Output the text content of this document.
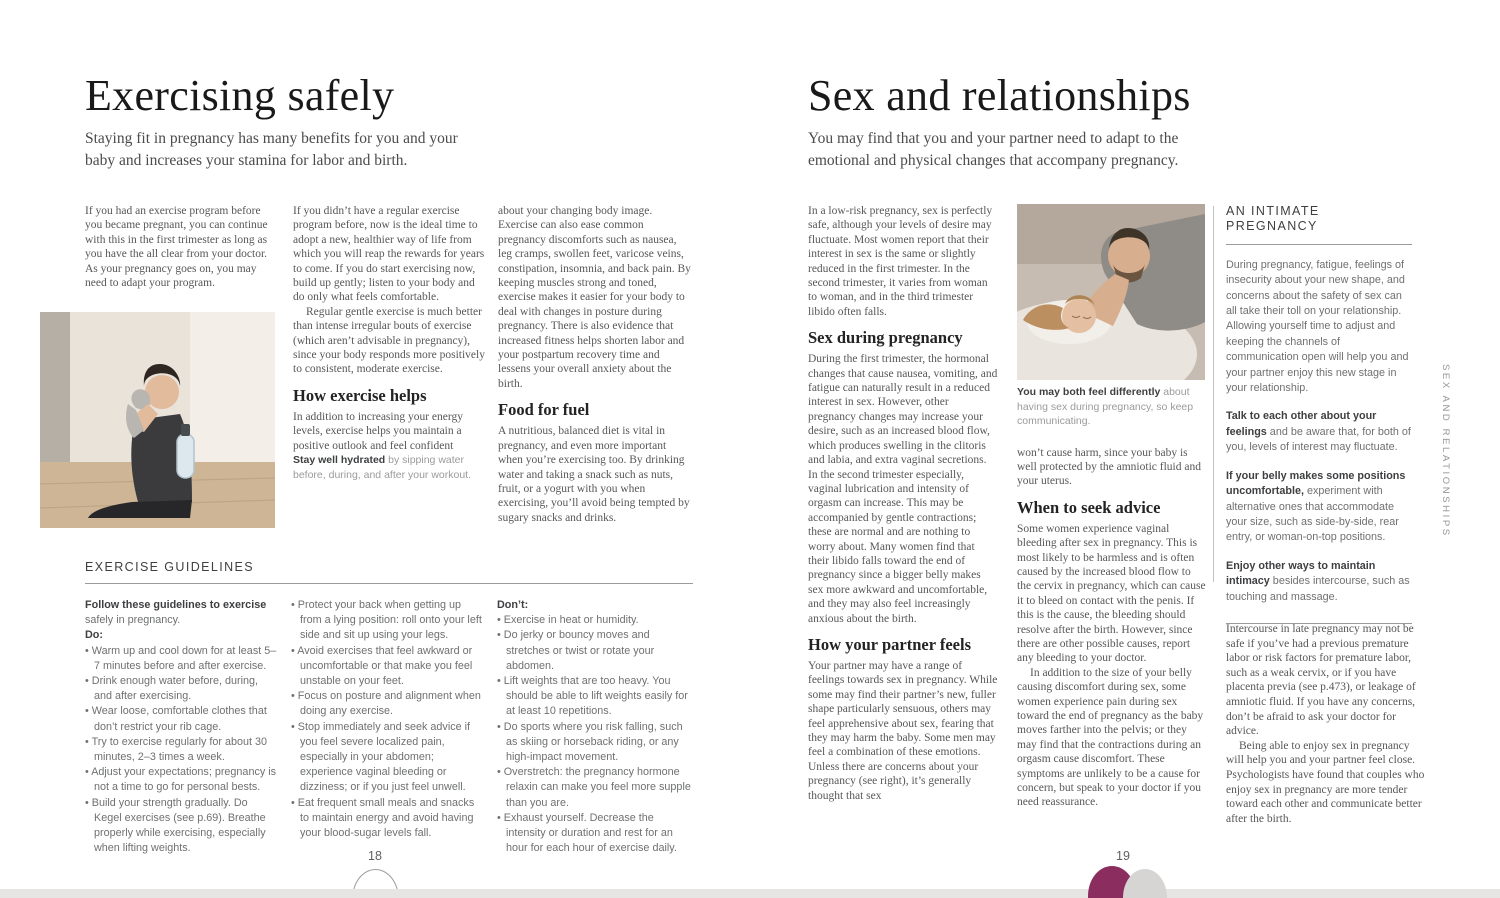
Exercising safely
Staying fit in pregnancy has many benefits for you and your baby and increases your stamina for labor and birth.

If you had an exercise program before you became pregnant, you can continue with this in the first trimester as long as you have the all clear from your doctor. As your pregnancy goes on, you may need to adapt your program.

If you didn’t have a regular exercise program before, now is the ideal time to adopt a new, healthier way of life from which you will reap the rewards for years to come. If you do start exercising now, build up gently; listen to your body and do only what feels comfortable.

Regular gentle exercise is much better than intense irregular bouts of exercise (which aren’t advisable in pregnancy), since your body responds more positively to consistent, moderate exercise.

How exercise helps

In addition to increasing your energy levels, exercise helps you maintain a positive outlook and feel confident

Stay well hydrated by sipping water before, during, and after your workout.

about your changing body image. Exercise can also ease common pregnancy discomforts such as nausea, leg cramps, swollen feet, varicose veins, constipation, insomnia, and back pain. By keeping muscles strong and toned, exercise makes it easier for your body to deal with changes in posture during pregnancy. There is also evidence that increased fitness helps shorten labor and your postpartum recovery time and lessens your overall anxiety about the birth.

Food for fuel

A nutritious, balanced diet is vital in pregnancy, and even more important when you’re exercising too. By drinking water and taking a snack such as nuts, fruit, or a yogurt with you when exercising, you’ll avoid being tempted by sugary snacks and drinks.

EXERCISE GUIDELINES

Follow these guidelines to exercise safely in pregnancy.

Do:

• Warm up and cool down for at least 5–7 minutes before and after exercise.
• Drink enough water before, during, and after exercising.
• Wear loose, comfortable clothes that don’t restrict your rib cage.
• Try to exercise regularly for about 30 minutes, 2–3 times a week.
• Adjust your expectations; pregnancy is not a time to go for personal bests.
• Build your strength gradually. Do Kegel exercises (see p.69). Breathe properly while exercising, especially when lifting weights.
• Protect your back when getting up from a lying position: roll onto your left side and sit up using your legs.
• Avoid exercises that feel awkward or uncomfortable or that make you feel unstable on your feet.
• Focus on posture and alignment when doing any exercise.
• Stop immediately and seek advice if you feel severe localized pain, especially in your abdomen; experience vaginal bleeding or dizziness; or if you just feel unwell.
• Eat frequent small meals and snacks to maintain energy and avoid having your blood-sugar levels fall.

Don’t:

• Exercise in heat or humidity.
• Do jerky or bouncy moves and stretches or twist or rotate your abdomen.
• Lift weights that are too heavy. You should be able to lift weights easily for at least 10 repetitions.
• Do sports where you risk falling, such as skiing or horseback riding, or any high-impact movement.
• Overstretch: the pregnancy hormone relaxin can make you feel more supple than you are.
• Exhaust yourself. Decrease the intensity or duration and rest for an hour for each hour of exercise daily.
18
Sex and relationships
You may find that you and your partner need to adapt to the emotional and physical changes that accompany pregnancy.

In a low-risk pregnancy, sex is perfectly safe, although your levels of desire may fluctuate. Most women report that their interest in sex is the same or slightly reduced in the first trimester. In the second trimester, it varies from woman to woman, and in the third trimester libido often falls.

Sex during pregnancy

During the first trimester, the hormonal changes that cause nausea, vomiting, and fatigue can naturally result in a reduced interest in sex. However, other pregnancy changes may increase your desire, such as an increased blood flow, which produces swelling in the clitoris and labia, and extra vaginal secretions. In the second trimester especially, vaginal lubrication and intensity of orgasm can increase. This may be accompanied by gentle contractions; these are normal and are nothing to worry about. Many women find that their libido falls toward the end of pregnancy since a bigger belly makes sex more awkward and uncomfortable, and they may also feel increasingly anxious about the birth.

How your partner feels

Your partner may have a range of feelings towards sex in pregnancy. While some may find their partner’s new, fuller shape particularly sensuous, others may feel apprehensive about sex, fearing that they may harm the baby. Some men may feel a combination of these emotions. Unless there are concerns about your pregnancy (see right), it’s generally thought that sex

You may both feel differently about having sex during pregnancy, so keep communicating.

won’t cause harm, since your baby is well protected by the amniotic fluid and your uterus.

When to seek advice

Some women experience vaginal bleeding after sex in pregnancy. This is most likely to be harmless and is often caused by the increased blood flow to the cervix in pregnancy, which can cause it to bleed on contact with the penis. If this is the cause, the bleeding should resolve after the birth. However, since there are other possible causes, report any bleeding to your doctor.

In addition to the size of your belly causing discomfort during sex, some women experience pain during sex toward the end of pregnancy as the baby moves farther into the pelvis; or they may find that the contractions during an orgasm cause discomfort. These symptoms are unlikely to be a cause for concern, but speak to your doctor if you need reassurance.

AN INTIMATE PREGNANCY

During pregnancy, fatigue, feelings of insecurity about your new shape, and concerns about the safety of sex can all take their toll on your relationship. Allowing yourself time to adjust and keeping the channels of communication open will help you and your partner enjoy this new stage in your relationship.

Talk to each other about your feelings and be aware that, for both of you, levels of interest may fluctuate.

If your belly makes some positions uncomfortable, experiment with alternative ones that accommodate your size, such as side-by-side, rear entry, or woman-on-top positions.

Enjoy other ways to maintain intimacy besides intercourse, such as touching and massage.

Intercourse in late pregnancy may not be safe if you’ve had a previous premature labor or risk factors for premature labor, such as a weak cervix, or if you have placenta previa (see p.473), or leakage of amniotic fluid. If you have any concerns, don’t be afraid to ask your doctor for advice.

Being able to enjoy sex in pregnancy will help you and your partner feel close. Psychologists have found that couples who enjoy sex in pregnancy are more tender toward each other and communicate better after the birth.

SEX AND RELATIONSHIPS
19
